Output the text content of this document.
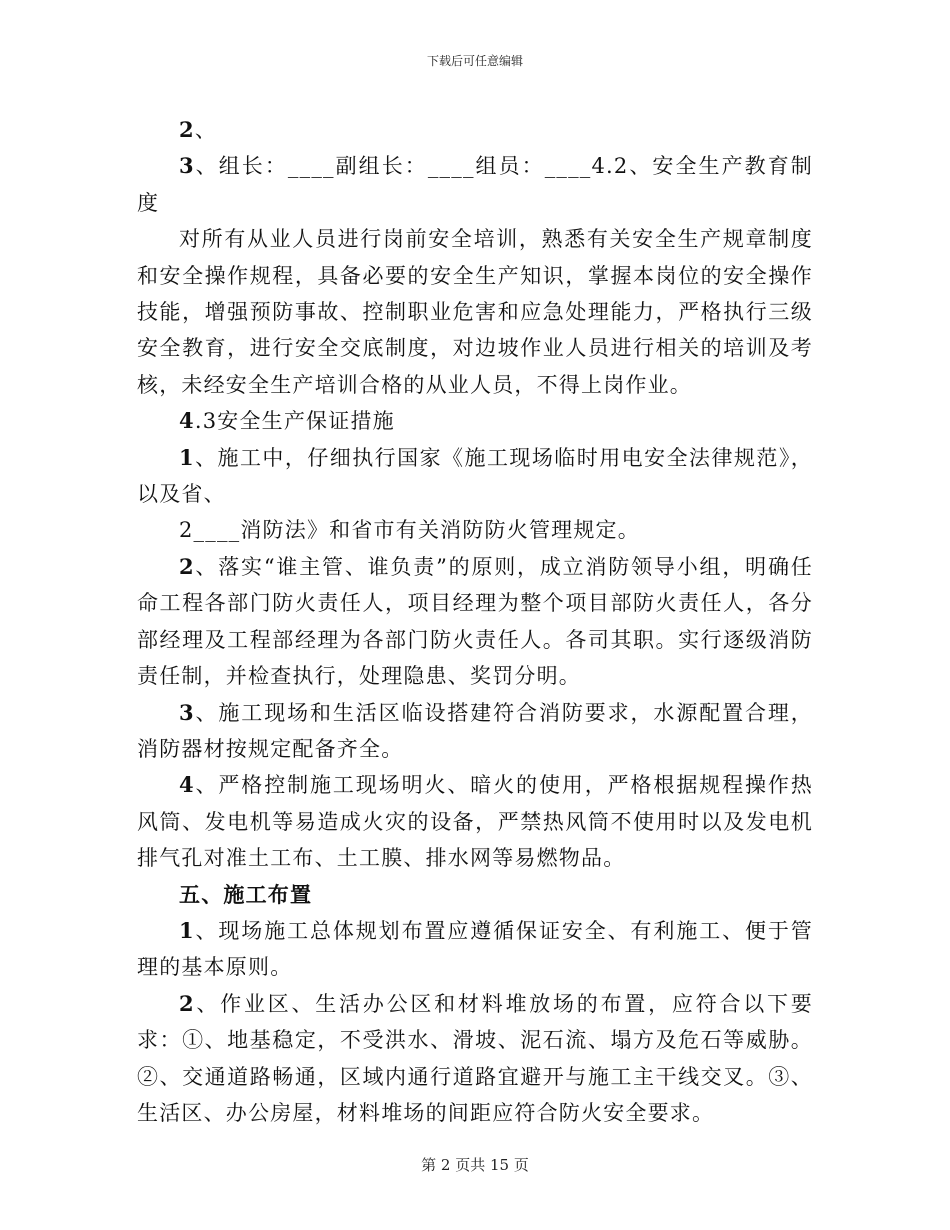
下载后可任意编辑

2、

3、组长：____副组长：____组员：____4.2、安全生产教育制度

对所有从业人员进行岗前安全培训，熟悉有关安全生产规章制度和安全操作规程，具备必要的安全生产知识，掌握本岗位的安全操作技能，增强预防事故、控制职业危害和应急处理能力，严格执行三级安全教育，进行安全交底制度，对边坡作业人员进行相关的培训及考核，未经安全生产培训合格的从业人员，不得上岗作业。

4.3安全生产保证措施

1、施工中，仔细执行国家《施工现场临时用电安全法律规范》，以及省、

2____消防法》和省市有关消防防火管理规定。

2、落实“谁主管、谁负责”的原则，成立消防领导小组，明确任命工程各部门防火责任人，项目经理为整个项目部防火责任人，各分部经理及工程部经理为各部门防火责任人。各司其职。实行逐级消防责任制，并检查执行，处理隐患、奖罚分明。

3、施工现场和生活区临设搭建符合消防要求，水源配置合理，消防器材按规定配备齐全。

4、严格控制施工现场明火、暗火的使用，严格根据规程操作热风筒、发电机等易造成火灾的设备，严禁热风筒不使用时以及发电机排气孔对准土工布、土工膜、排水网等易燃物品。

五、施工布置

1、现场施工总体规划布置应遵循保证安全、有利施工、便于管理的基本原则。

2、作业区、生活办公区和材料堆放场的布置，应符合以下要求：①、地基稳定，不受洪水、滑坡、泥石流、塌方及危石等威胁。②、交通道路畅通，区域内通行道路宜避开与施工主干线交叉。③、生活区、办公房屋，材料堆场的间距应符合防火安全要求。

第 2 页共 15 页
